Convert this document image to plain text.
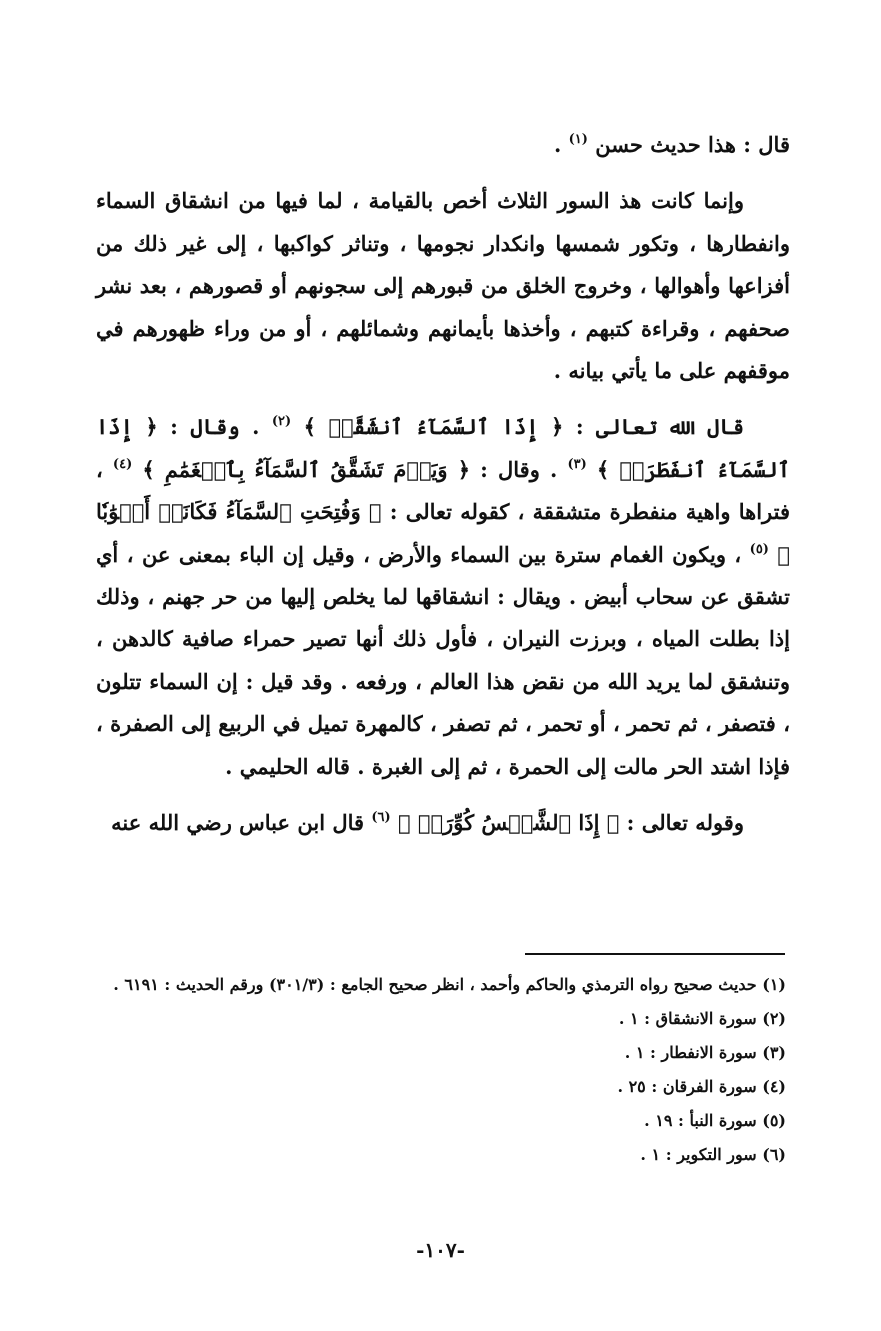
قال : هذا حديث حسن $^{(١)}$ .

وإنما كانت هذ السور الثلاث أخص بالقيامة ، لما فيها من انشقاق السماء وانفطارها ، وتكور شمسها وانكدار نجومها ، وتناثر كواكبها ، إلى غير ذلك من أفزاعها وأهوالها ، وخروج الخلق من قبورهم إلى سجونهم أو قصورهم ، بعد نشر صحفهم ، وقراءة كتبهم ، وأخذها بأيمانهم وشمائلهم ، أو من وراء ظهورهم في موقفهم على ما يأتي بيانه .

قال الله تعالى : ﴿ إِذَا ٱلسَّمَآءُ ٱنشَقَّتۡ ﴾ $^{(٢)}$ . وقال : ﴿ إِذَا ٱلسَّمَآءُ ٱنفَطَرَتۡ ﴾ $^{(٣)}$ . وقال : ﴿ وَيَوۡمَ تَشَقَّقُ ٱلسَّمَآءُ بِٱلۡغَمَٰمِ ﴾ $^{(٤)}$ ، فتراها واهية منفطرة متشققة ، كقوله تعالى : ﴿ وَفُتِحَتِ ٱلسَّمَآءُ فَكَانَتۡ أَبۡوَٰبٗا ﴾ $^{(٥)}$ ، ويكون الغمام سترة بين السماء والأرض ، وقيل إن الباء بمعنى عن ، أي تشقق عن سحاب أبيض . ويقال : انشقاقها لما يخلص إليها من حر جهنم ، وذلك إذا بطلت المياه ، وبرزت النيران ، فأول ذلك أنها تصير حمراء صافية كالدهن ، وتنشقق لما يريد الله من نقض هذا العالم ، ورفعه . وقد قيل : إن السماء تتلون ، فتصفر ، ثم تحمر ، أو تحمر ، ثم تصفر ، كالمهرة تميل في الربيع إلى الصفرة ، فإذا اشتد الحر مالت إلى الحمرة ، ثم إلى الغبرة . قاله الحليمي .

وقوله تعالى : ﴿ إِذَا ٱلشَّمۡسُ كُوِّرَتۡ ﴾ $^{(٦)}$ قال ابن عباس رضي الله عنه

(١) حديث صحيح رواه الترمذي والحاكم وأحمد ، انظر صحيح الجامع : (٣٠١/٣) ورقم الحديث : ٦١٩١ .

(٢) سورة الانشقاق : ١ .

(٣) سورة الانفطار : ١ .

(٤) سورة الفرقان : ٢٥ .

(٥) سورة النبأ : ١٩ .

(٦) سور التكوير : ١ .

-١٠٧-
